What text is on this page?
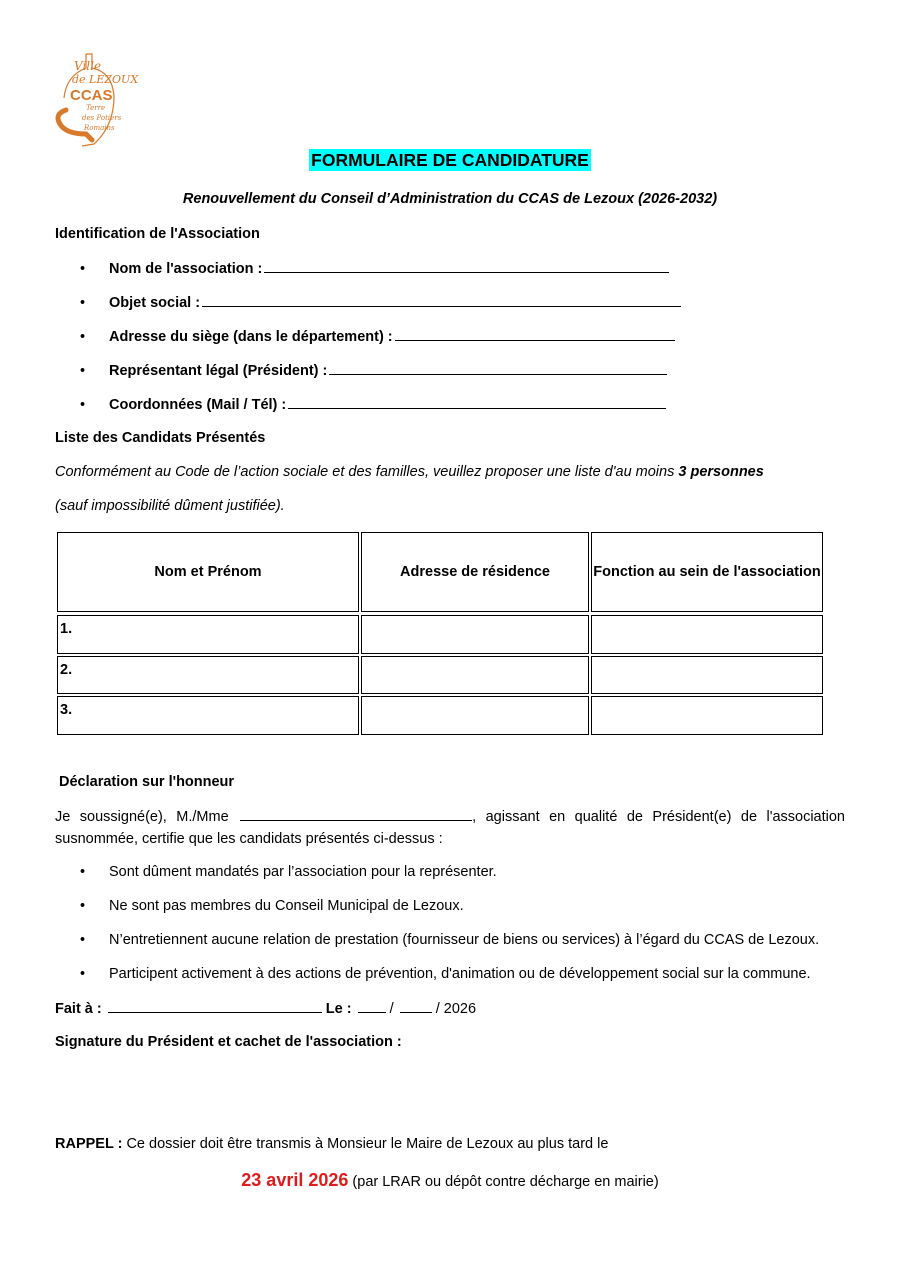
Ville
de LEZOUX
CCAS
Terre
des Potiers
Romains
FORMULAIRE DE CANDIDATURE
Renouvellement du Conseil d’Administration du CCAS de Lezoux (2026-2032)
Identification de l'Association
• Nom de l'association :
• Objet social :
• Adresse du siège (dans le département) :
• Représentant légal (Président) :
• Coordonnées (Mail / Tél) :
Liste des Candidats Présentés
Conformément au Code de l’action sociale et des familles, veuillez proposer une liste d'au moins 3 personnes
(sauf impossibilité dûment justifiée).
Nom et Prénom	Adresse de résidence	Fonction au sein de l'association
1.
2.
3.
Déclaration sur l'honneur
Je soussigné(e), M./Mme	, agissant en qualité de Président(e) de l'association susnommée, certifie que les candidats présentés ci-dessus :
• Sont dûment mandatés par l’association pour la représenter.
• Ne sont pas membres du Conseil Municipal de Lezoux.
• N’entretiennent aucune relation de prestation (fournisseur de biens ou services) à l’égard du CCAS de Lezoux.
• Participent activement à des actions de prévention, d'animation ou de développement social sur la commune.
Fait à :	Le :	/	/ 2026
Signature du Président et cachet de l'association :
RAPPEL : Ce dossier doit être transmis à Monsieur le Maire de Lezoux au plus tard le
23 avril 2026 (par LRAR ou dépôt contre décharge en mairie)
